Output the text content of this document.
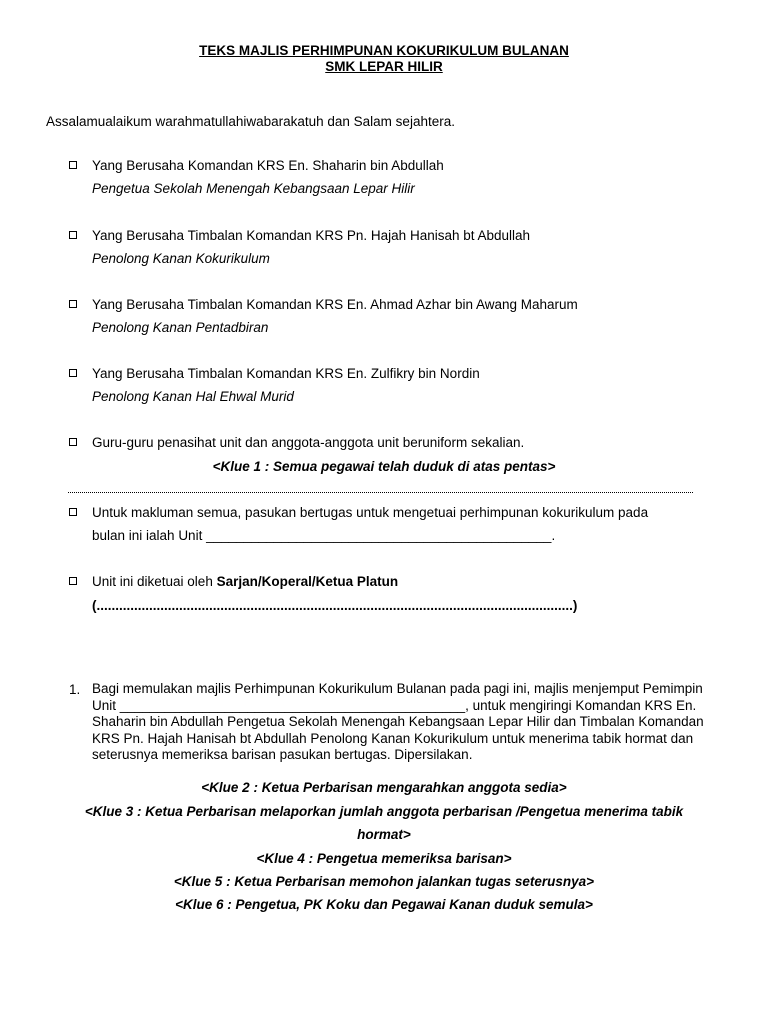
TEKS MAJLIS PERHIMPUNAN KOKURIKULUM BULANAN
SMK LEPAR HILIR
Assalamualaikum warahmatullahiwabarakatuh dan Salam sejahtera.
Yang Berusaha Komandan KRS En. Shaharin bin Abdullah
Pengetua Sekolah Menengah Kebangsaan Lepar Hilir
Yang Berusaha Timbalan Komandan KRS Pn. Hajah Hanisah bt Abdullah
Penolong Kanan Kokurikulum
Yang Berusaha Timbalan Komandan KRS En. Ahmad Azhar bin Awang Maharum
Penolong Kanan Pentadbiran
Yang Berusaha Timbalan Komandan KRS En. Zulfikry bin Nordin
Penolong Kanan Hal Ehwal Murid
Guru-guru penasihat unit dan anggota-anggota unit beruniform sekalian.
<Klue 1 : Semua pegawai telah duduk di atas pentas>
Untuk makluman semua, pasukan bertugas untuk mengetuai perhimpunan kokurikulum pada
bulan ini ialah Unit ______________________________________________.
Unit ini diketuai oleh Sarjan/Koperal/Ketua Platun
(...............................................................................................................................)
1. Bagi memulakan majlis Perhimpunan Kokurikulum Bulanan pada pagi ini, majlis menjemput Pemimpin Unit ______________________________________________, untuk mengiringi Komandan KRS En. Shaharin bin Abdullah Pengetua Sekolah Menengah Kebangsaan Lepar Hilir dan Timbalan Komandan KRS Pn. Hajah Hanisah bt Abdullah Penolong Kanan Kokurikulum untuk menerima tabik hormat dan seterusnya memeriksa barisan pasukan bertugas. Dipersilakan.
<Klue 2 : Ketua Perbarisan mengarahkan anggota sedia>
<Klue 3 : Ketua Perbarisan melaporkan jumlah anggota perbarisan /Pengetua menerima tabik
hormat>
<Klue 4 : Pengetua memeriksa barisan>
<Klue 5 : Ketua Perbarisan memohon jalankan tugas seterusnya>
<Klue 6 : Pengetua, PK Koku dan Pegawai Kanan duduk semula>
